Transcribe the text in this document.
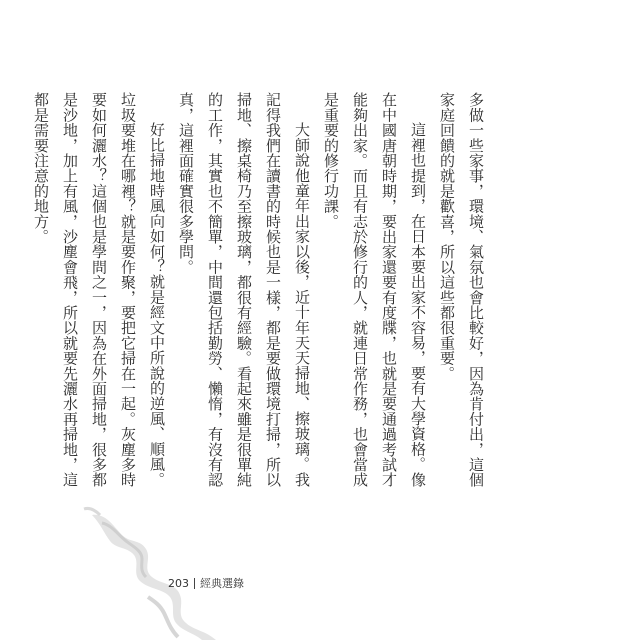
多做一些家事，環境、氣氛也會比較好，因為肯付出，這個家庭回饋的就是歡喜，所以這些都很重要。

這裡也提到，在日本要出家不容易，要有大學資格。像在中國唐朝時期，要出家還要有度牒，也就是要通過考試才能夠出家。而且有志於修行的人，就連日常作務，也會當成是重要的修行功課。

大師說他童年出家以後，近十年天天掃地、擦玻璃。我記得我們在讀書的時候也是一樣，都是要做環境打掃，所以掃地、擦桌椅乃至擦玻璃，都很有經驗。看起來雖是很單純的工作，其實也不簡單，中間還包括勤勞、懶惰，有沒有認真，這裡面確實很多學問。

好比掃地時風向如何？就是經文中所說的逆風、順風。垃圾要堆在哪裡？就是要作聚，要把它掃在一起。灰塵多時要如何灑水？這個也是學問之一，因為在外面掃地，很多都是沙地，加上有風，沙塵會飛，所以就要先灑水再掃地，這都是需要注意的地方。

203 經典選錄
